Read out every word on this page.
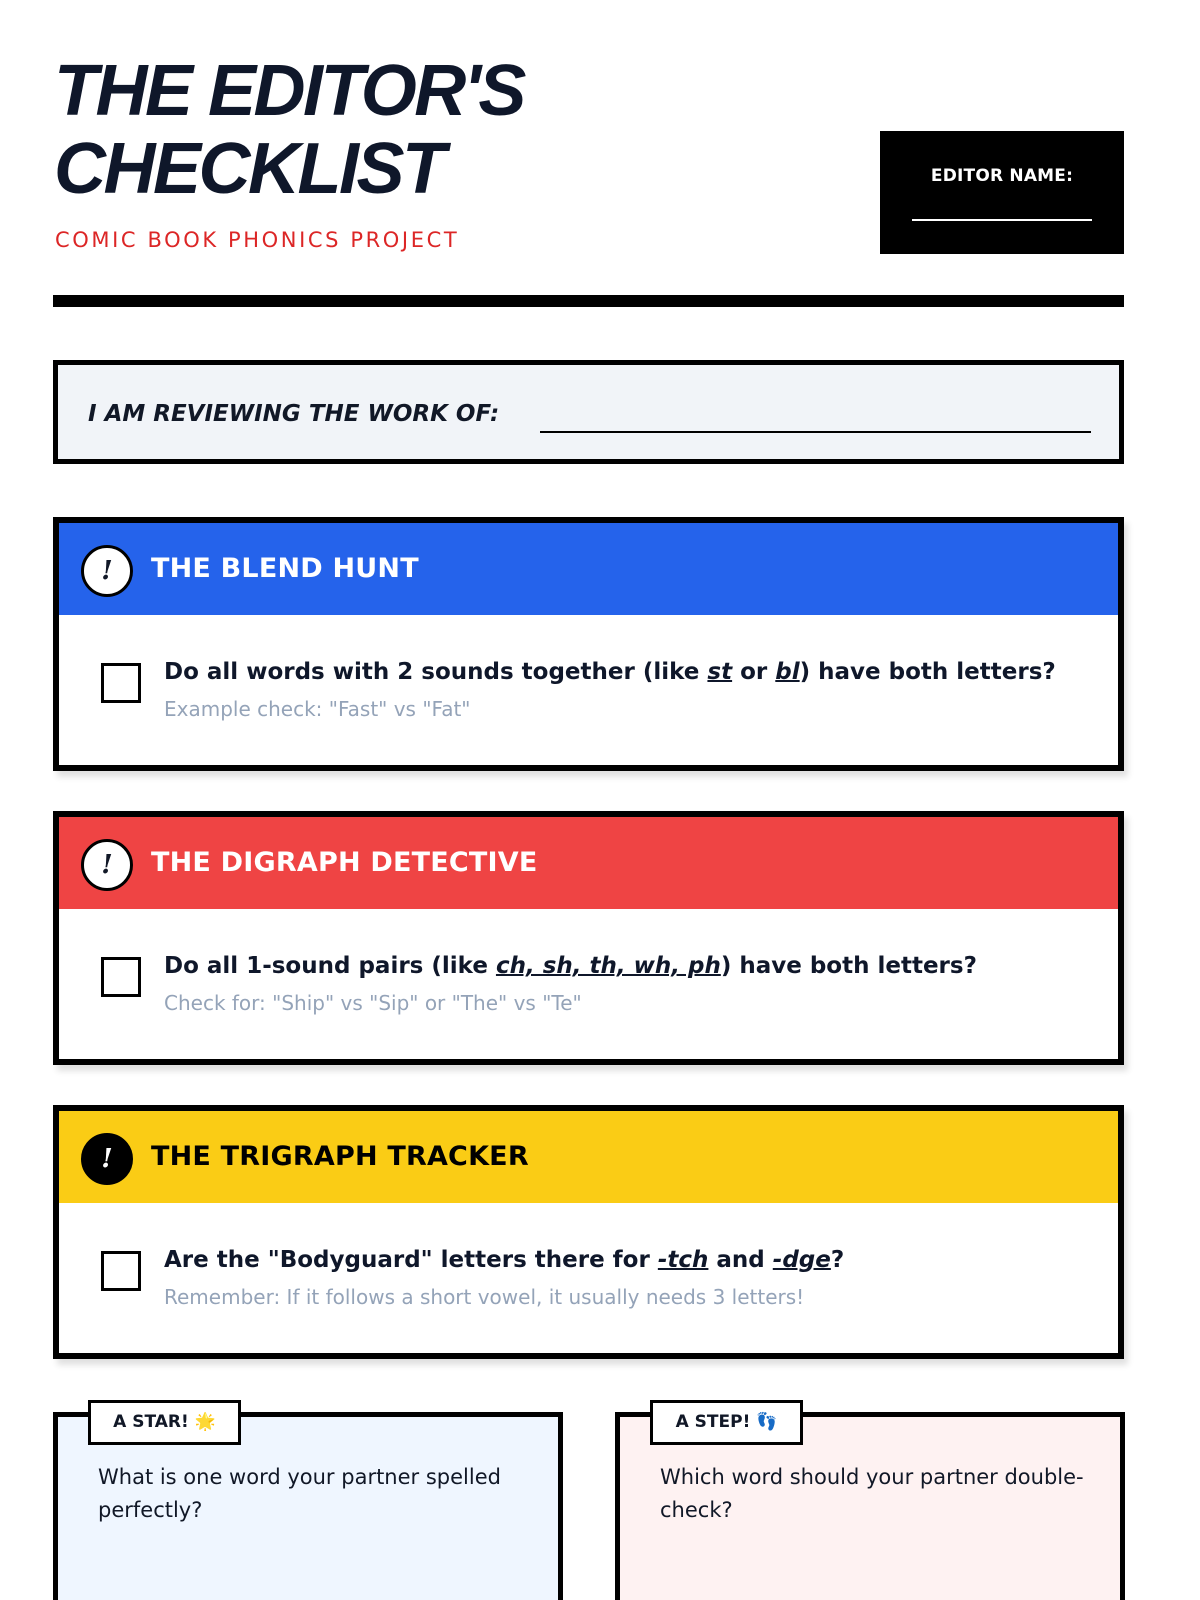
THE EDITOR'S
CHECKLIST
COMIC BOOK PHONICS PROJECT
EDITOR NAME:
I AM REVIEWING THE WORK OF:
!	THE BLEND HUNT
Do all words with 2 sounds together (like st or bl) have both letters?
Example check: "Fast" vs "Fat"
!	THE DIGRAPH DETECTIVE
Do all 1-sound pairs (like ch, sh, th, wh, ph) have both letters?
Check for: "Ship" vs "Sip" or "The" vs "Te"
!	THE TRIGRAPH TRACKER
Are the "Bodyguard" letters there for -tch and -dge?
Remember: If it follows a short vowel, it usually needs 3 letters!
A STAR! 🌟
What is one word your partner spelled perfectly?
A STEP! 👣
Which word should your partner double-check?
